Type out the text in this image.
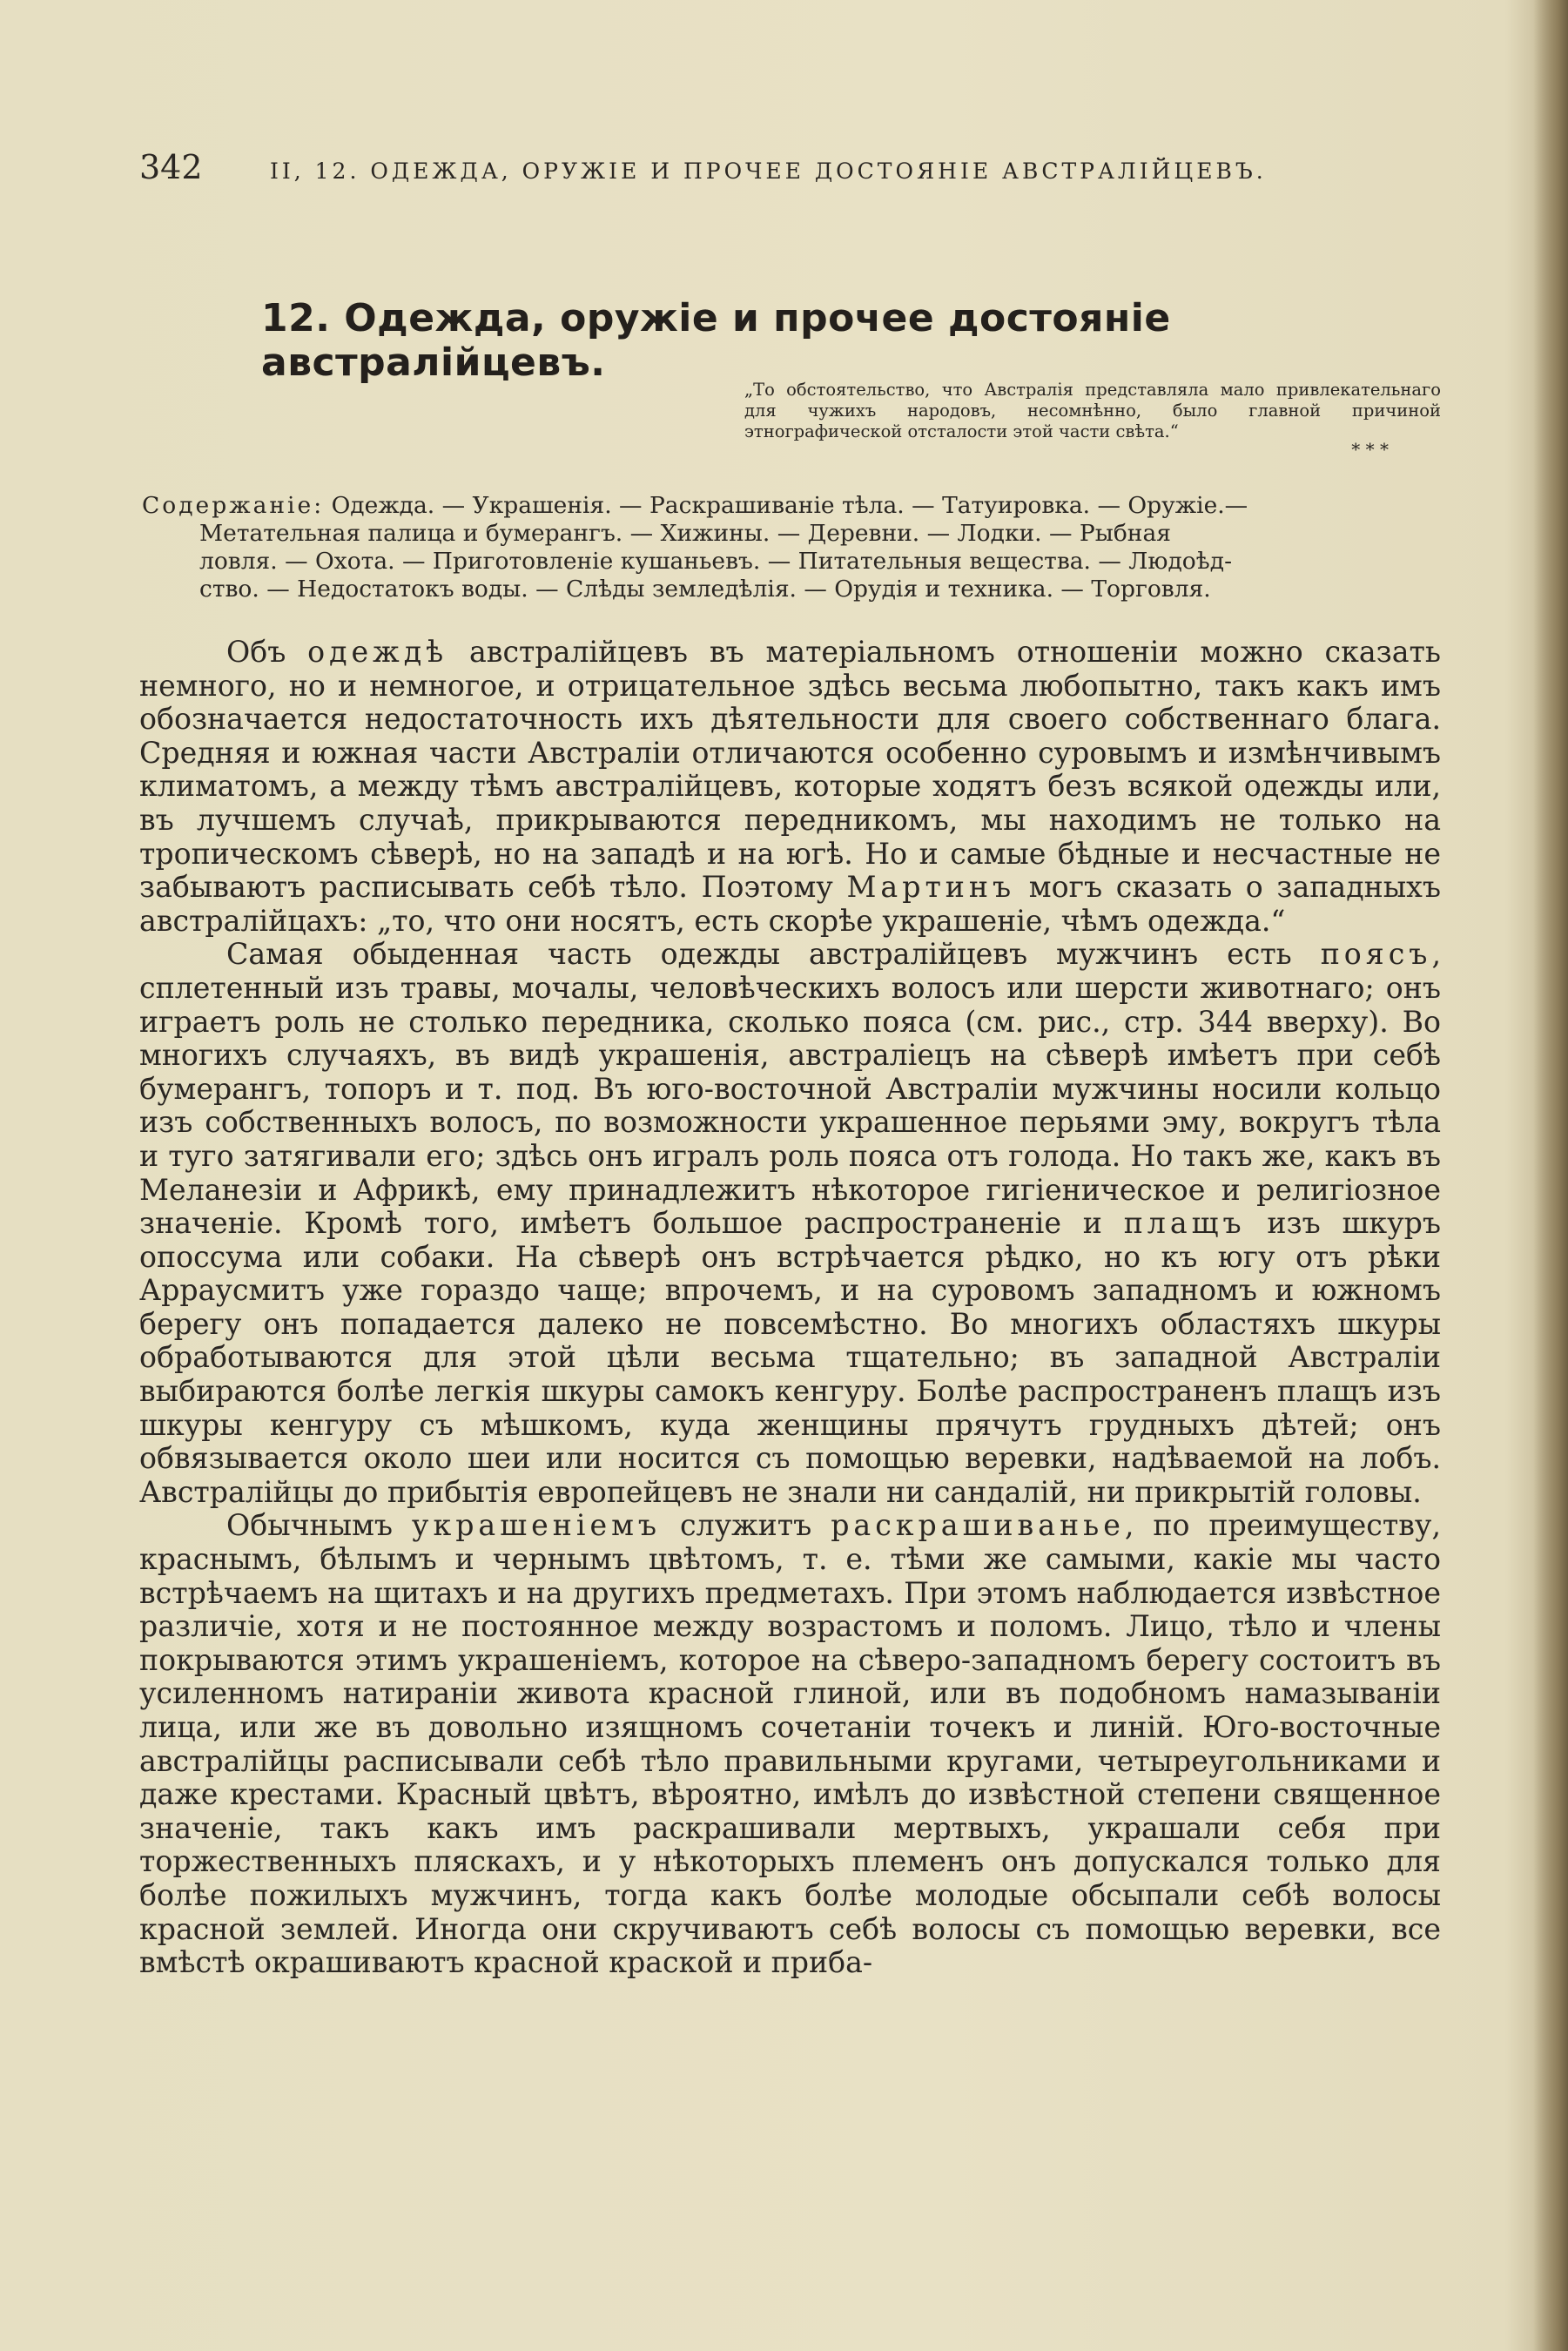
342	II, 12. ОДЕЖДА, ОРУЖІЕ И ПРОЧЕЕ ДОСТОЯНІЕ АВСТРАЛІЙЦЕВЪ.
12. Одежда, оружіе и прочее достояніе австралійцевъ.
„То обстоятельство, что Австралія представляла мало привлекательнаго для чужихъ народовъ, несомнѣнно, было главной причиной этнографической отсталости этой части свѣта.“
* * *
Содержаніе: Одежда. — Украшенія. — Раскрашиваніе тѣла. — Татуировка. — Оружіе.—
Метательная палица и бумерангъ. — Хижины. — Деревни. — Лодки. — Рыбная
ловля. — Охота. — Приготовленіе кушаньевъ. — Питательныя вещества. — Людоѣд-
ство. — Недостатокъ воды. — Слѣды земледѣлія. — Орудія и техника. — Торговля.

Объ одеждѣ австралійцевъ въ матеріальномъ отношеніи можно сказать немного, но и немногое, и отрицательное здѣсь весьма любопытно, такъ какъ имъ обозначается недостаточность ихъ дѣятельности для своего собственнаго блага. Средняя и южная части Австраліи отличаются особенно суровымъ и измѣнчивымъ климатомъ, а между тѣмъ австралійцевъ, которые ходятъ безъ всякой одежды или, въ лучшемъ случаѣ, прикрываются передникомъ, мы находимъ не только на тропическомъ сѣверѣ, но на западѣ и на югѣ. Но и самые бѣдные и несчастные не забываютъ расписывать себѣ тѣло. Поэтому Мартинъ могъ сказать о западныхъ австралійцахъ: „то, что они носятъ, есть скорѣе украшеніе, чѣмъ одежда.“

Самая обыденная часть одежды австралійцевъ мужчинъ есть поясъ, сплетенный изъ травы, мочалы, человѣческихъ волосъ или шерсти животнаго; онъ играетъ роль не столько передника, сколько пояса (см. рис., стр. 344 вверху). Во многихъ случаяхъ, въ видѣ украшенія, австраліецъ на сѣверѣ имѣетъ при себѣ бумерангъ, топоръ и т. под. Въ юго-восточной Австраліи мужчины носили кольцо изъ собственныхъ волосъ, по возможности украшенное перьями эму, вокругъ тѣла и туго затягивали его; здѣсь онъ игралъ роль пояса отъ голода. Но такъ же, какъ въ Меланезіи и Африкѣ, ему принадлежитъ нѣкоторое гигіеническое и религіозное значеніе. Кромѣ того, имѣетъ большое распространеніе и плащъ изъ шкуръ опоссума или собаки. На сѣверѣ онъ встрѣчается рѣдко, но къ югу отъ рѣки Арраусмитъ уже гораздо чаще; впрочемъ, и на суровомъ западномъ и южномъ берегу онъ попадается далеко не повсемѣстно. Во многихъ областяхъ шкуры обработываются для этой цѣли весьма тщательно; въ западной Австраліи выбираются болѣе легкія шкуры самокъ кенгуру. Болѣе распространенъ плащъ изъ шкуры кенгуру съ мѣшкомъ, куда женщины прячутъ грудныхъ дѣтей; онъ обвязывается около шеи или носится съ помощью веревки, надѣваемой на лобъ. Австралійцы до прибытія европейцевъ не знали ни сандалій, ни прикрытій головы.

Обычнымъ украшеніемъ служитъ раскрашиванье, по преимуществу, краснымъ, бѣлымъ и чернымъ цвѣтомъ, т. е. тѣми же самыми, какіе мы часто встрѣчаемъ на щитахъ и на другихъ предметахъ. При этомъ наблюдается извѣстное различіе, хотя и не постоянное между возрастомъ и поломъ. Лицо, тѣло и члены покрываются этимъ украшеніемъ, которое на сѣверо-западномъ берегу состоитъ въ усиленномъ натираніи живота красной глиной, или въ подобномъ намазываніи лица, или же въ довольно изящномъ сочетаніи точекъ и линій. Юго-восточные австралійцы расписывали себѣ тѣло правильными кругами, четыреугольниками и даже крестами. Красный цвѣтъ, вѣроятно, имѣлъ до извѣстной степени священное значеніе, такъ какъ имъ раскрашивали мертвыхъ, украшали себя при торжественныхъ пляскахъ, и у нѣкоторыхъ племенъ онъ допускался только для болѣе пожилыхъ мужчинъ, тогда какъ болѣе молодые обсыпали себѣ волосы красной землей. Иногда они скручиваютъ себѣ волосы съ помощью веревки, все вмѣстѣ окрашиваютъ красной краской и приба-
